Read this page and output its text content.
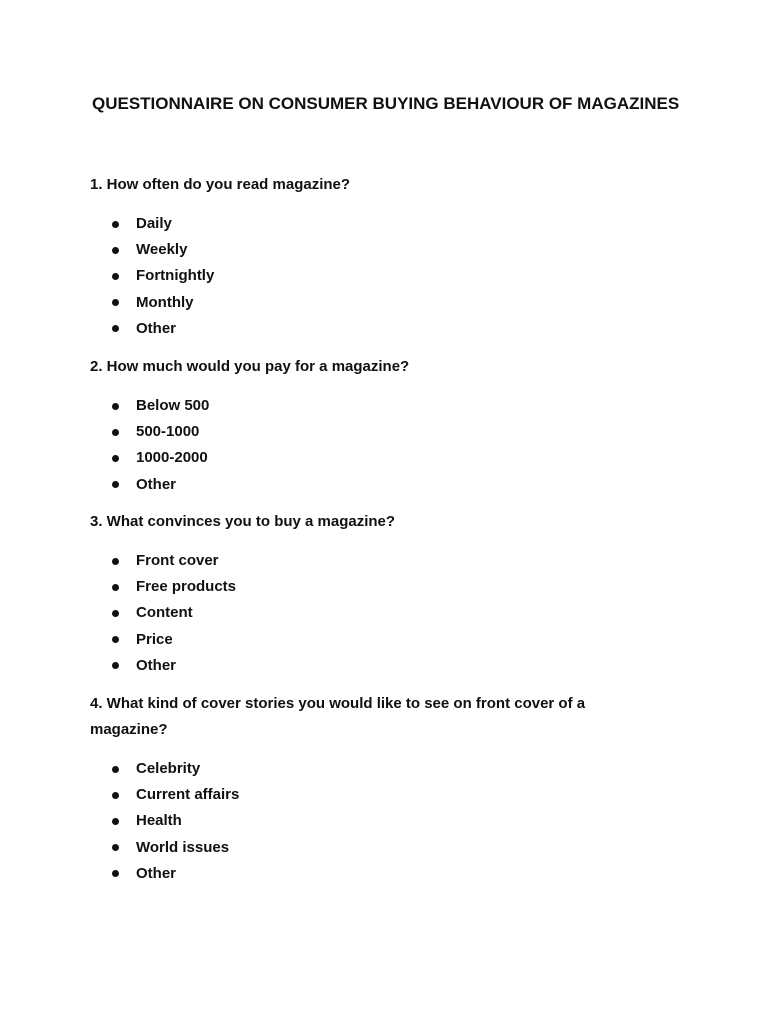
QUESTIONNAIRE ON CONSUMER BUYING BEHAVIOUR OF MAGAZINES
1. How often do you read magazine?
Daily
Weekly
Fortnightly
Monthly
Other
2. How much would you pay for a magazine?
Below 500
500-1000
1000-2000
Other
3. What convinces you to buy a magazine?
Front cover
Free products
Content
Price
Other
4. What kind of cover stories you would like to see on front cover of a magazine?
Celebrity
Current affairs
Health
World issues
Other
